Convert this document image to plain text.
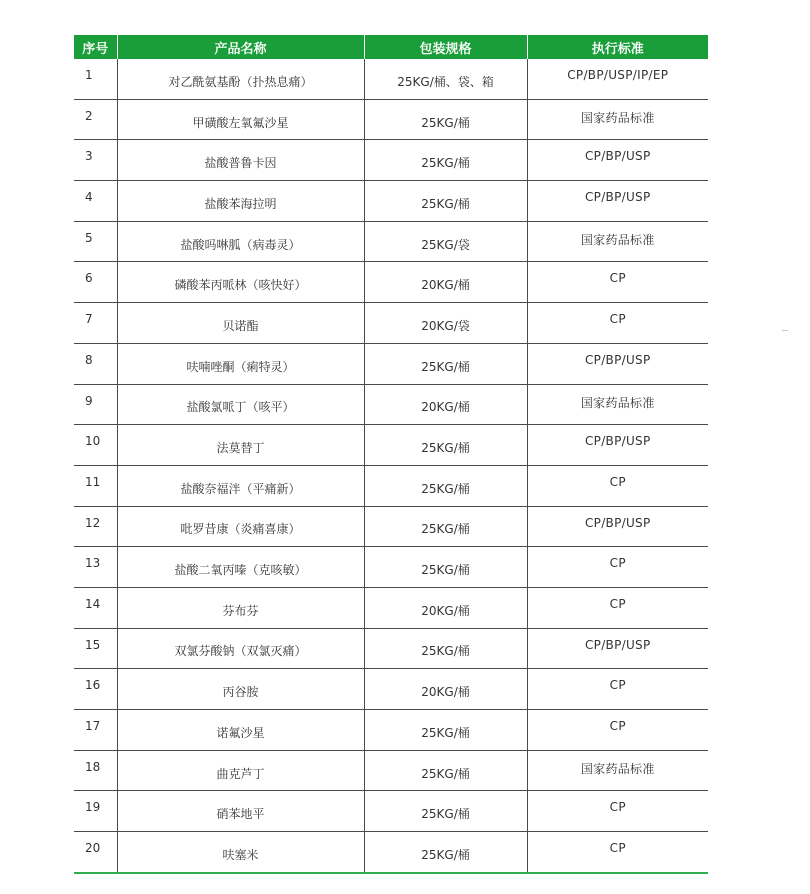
序号	产品名称	包装规格	执行标准
1	对乙酰氨基酚（扑热息痛）	25KG/桶、袋、箱	CP/BP/USP/IP/EP
2	甲磺酸左氧氟沙星	25KG/桶	国家药品标准
3	盐酸普鲁卡因	25KG/桶	CP/BP/USP
4	盐酸苯海拉明	25KG/桶	CP/BP/USP
5	盐酸吗啉胍（病毒灵）	25KG/袋	国家药品标准
6	磷酸苯丙哌林（咳快好）	20KG/桶	CP
7	贝诺酯	20KG/袋	CP
8	呋喃唑酮（痢特灵）	25KG/桶	CP/BP/USP
9	盐酸氯哌丁（咳平）	20KG/桶	国家药品标准
10	法莫替丁	25KG/桶	CP/BP/USP
11	盐酸奈福泮（平痛新）	25KG/桶	CP
12	吡罗昔康（炎痛喜康）	25KG/桶	CP/BP/USP
13	盐酸二氧丙嗪（克咳敏）	25KG/桶	CP
14	芬布芬	20KG/桶	CP
15	双氯芬酸钠（双氯灭痛）	25KG/桶	CP/BP/USP
16	丙谷胺	20KG/桶	CP
17	诺氟沙星	25KG/桶	CP
18	曲克芦丁	25KG/桶	国家药品标准
19	硝苯地平	25KG/桶	CP
20	呋塞米	25KG/桶	CP
